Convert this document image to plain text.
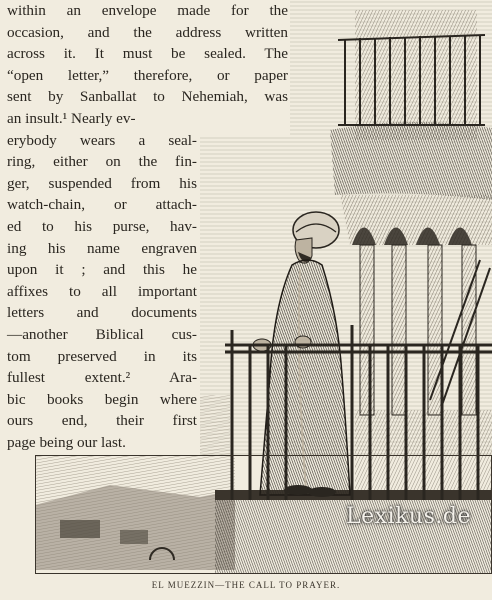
within an envelope made for the
occasion, and the address written
across it. It must be sealed. The
“open letter,” therefore, or paper
sent by Sanballat to Nehemiah, was
an insult.¹ Nearly ev-
erybody wears a seal-
ring, either on the fin-
ger, suspended from his
watch-chain, or attach-
ed to his purse, hav-
ing his name engraven
upon it ; and this he
affixes to all important
letters and documents
—another Biblical cus-
tom preserved in its
fullest extent.² Ara-
bic books begin where
ours end, their first
page being our last.
Lexikus.de
EL MUEZZIN—THE CALL TO PRAYER.
